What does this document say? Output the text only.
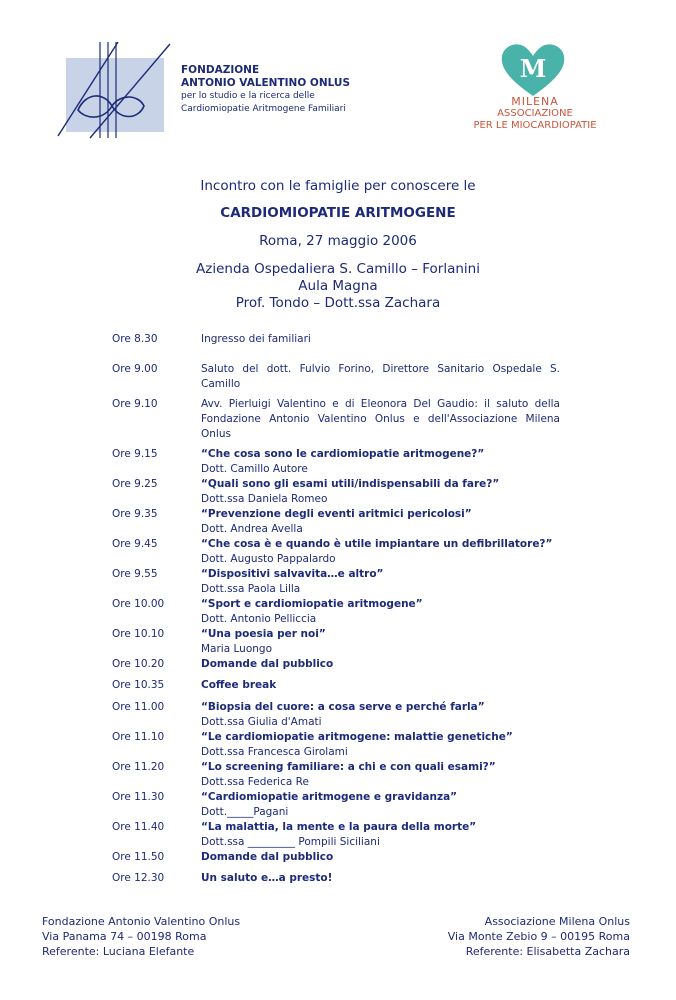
FONDAZIONE
ANTONIO VALENTINO ONLUS
per lo studio e la ricerca delle
Cardiomiopatie Aritmogene Familiari
M
MILENA
ASSOCIAZIONE
PER LE MIOCARDIOPATIE
Incontro con le famiglie per conoscere le
CARDIOMIOPATIE ARITMOGENE
Roma, 27 maggio 2006
Azienda Ospedaliera S. Camillo – Forlanini
Aula Magna
Prof. Tondo – Dott.ssa Zachara
Ore 8.30	Ingresso dei familiari
Ore 9.00	Saluto del dott. Fulvio Forino, Direttore Sanitario Ospedale S. Camillo
Ore 9.10	Avv. Pierluigi Valentino e di Eleonora Del Gaudio: il saluto della Fondazione Antonio Valentino Onlus e dell'Associazione Milena Onlus
Ore 9.15	“Che cosa sono le cardiomiopatie aritmogene?”
Dott. Camillo Autore
Ore 9.25	“Quali sono gli esami utili/indispensabili da fare?”
Dott.ssa Daniela Romeo
Ore 9.35	“Prevenzione degli eventi aritmici pericolosi”
Dott. Andrea Avella
Ore 9.45	“Che cosa è e quando è utile impiantare un defibrillatore?”
Dott. Augusto Pappalardo
Ore 9.55	“Dispositivi salvavita…e altro”
Dott.ssa Paola Lilla
Ore 10.00	“Sport e cardiomiopatie aritmogene”
Dott. Antonio Pelliccia
Ore 10.10	“Una poesia per noi”
Maria Luongo
Ore 10.20	Domande dal pubblico
Ore 10.35	Coffee break
Ore 11.00	“Biopsia del cuore: a cosa serve e perché farla”
Dott.ssa Giulia d'Amati
Ore 11.10	“Le cardiomiopatie aritmogene: malattie genetiche”
Dott.ssa Francesca Girolami
Ore 11.20	“Lo screening familiare: a chi e con quali esami?”
Dott.ssa Federica Re
Ore 11.30	“Cardiomiopatie aritmogene e gravidanza”
Dott._____Pagani
Ore 11.40	“La malattia, la mente e la paura della morte”
Dott.ssa _________ Pompili Siciliani
Ore 11.50	Domande dal pubblico
Ore 12.30	Un saluto e…a presto!
Fondazione Antonio Valentino Onlus
Via Panama 74 – 00198 Roma
Referente: Luciana Elefante
Associazione Milena Onlus
Via Monte Zebio 9 – 00195 Roma
Referente: Elisabetta Zachara
